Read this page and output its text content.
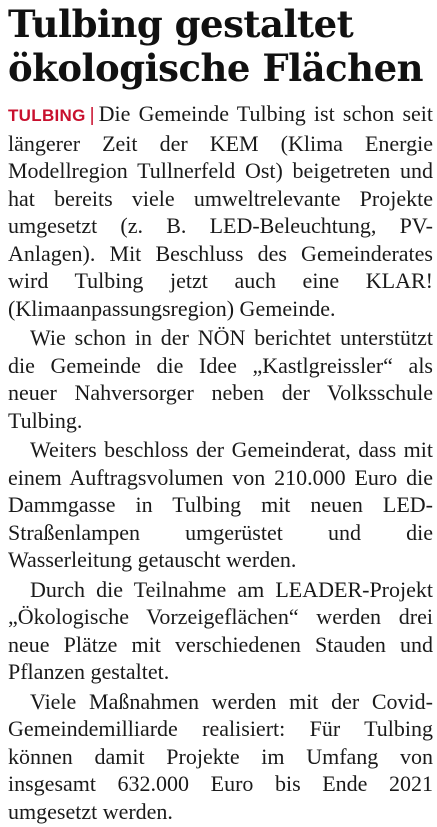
Tulbing gestaltet
ökologische Flächen

TULBING | Die Gemeinde Tulbing ist schon seit längerer Zeit der KEM (Klima Energie Modellregion Tullnerfeld Ost) beigetreten und hat bereits viele umweltrelevante Projekte umgesetzt (z. B. LED-Beleuchtung, PV-Anlagen). Mit Beschluss des Gemeinderates wird Tulbing jetzt auch eine KLAR! (Klimaanpassungsregion) Gemeinde.

Wie schon in der NÖN berichtet unterstützt die Gemeinde die Idee „Kastlgreissler“ als neuer Nahversorger neben der Volksschule Tulbing.

Weiters beschloss der Gemeinderat, dass mit einem Auftragsvolumen von 210.000 Euro die Dammgasse in Tulbing mit neuen LED-Straßenlampen umgerüstet und die Wasserleitung getauscht werden.

Durch die Teilnahme am LEADER-Projekt „Ökologische Vorzeigeflächen“ werden drei neue Plätze mit verschiedenen Stauden und Pflanzen gestaltet.

Viele Maßnahmen werden mit der Covid-Gemeindemilliarde realisiert: Für Tulbing können damit Projekte im Umfang von insgesamt 632.000 Euro bis Ende 2021 umgesetzt werden.
